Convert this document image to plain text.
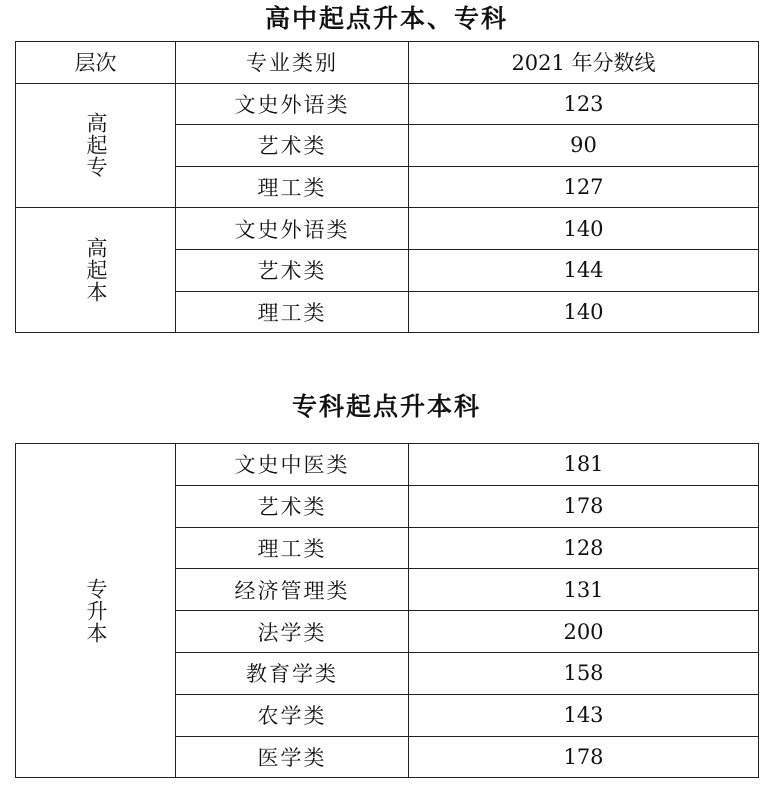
高中起点升本、专科
层次	专业类别	2021 年分数线

高起专	文史外语类	123
	艺术类	90
	理工类	127

高起本	文史外语类	140
	艺术类	144
	理工类	140
专科起点升本科
专升本	文史中医类	181
	艺术类	178
	理工类	128
	经济管理类	131
	法学类	200
	教育学类	158
	农学类	143
	医学类	178
